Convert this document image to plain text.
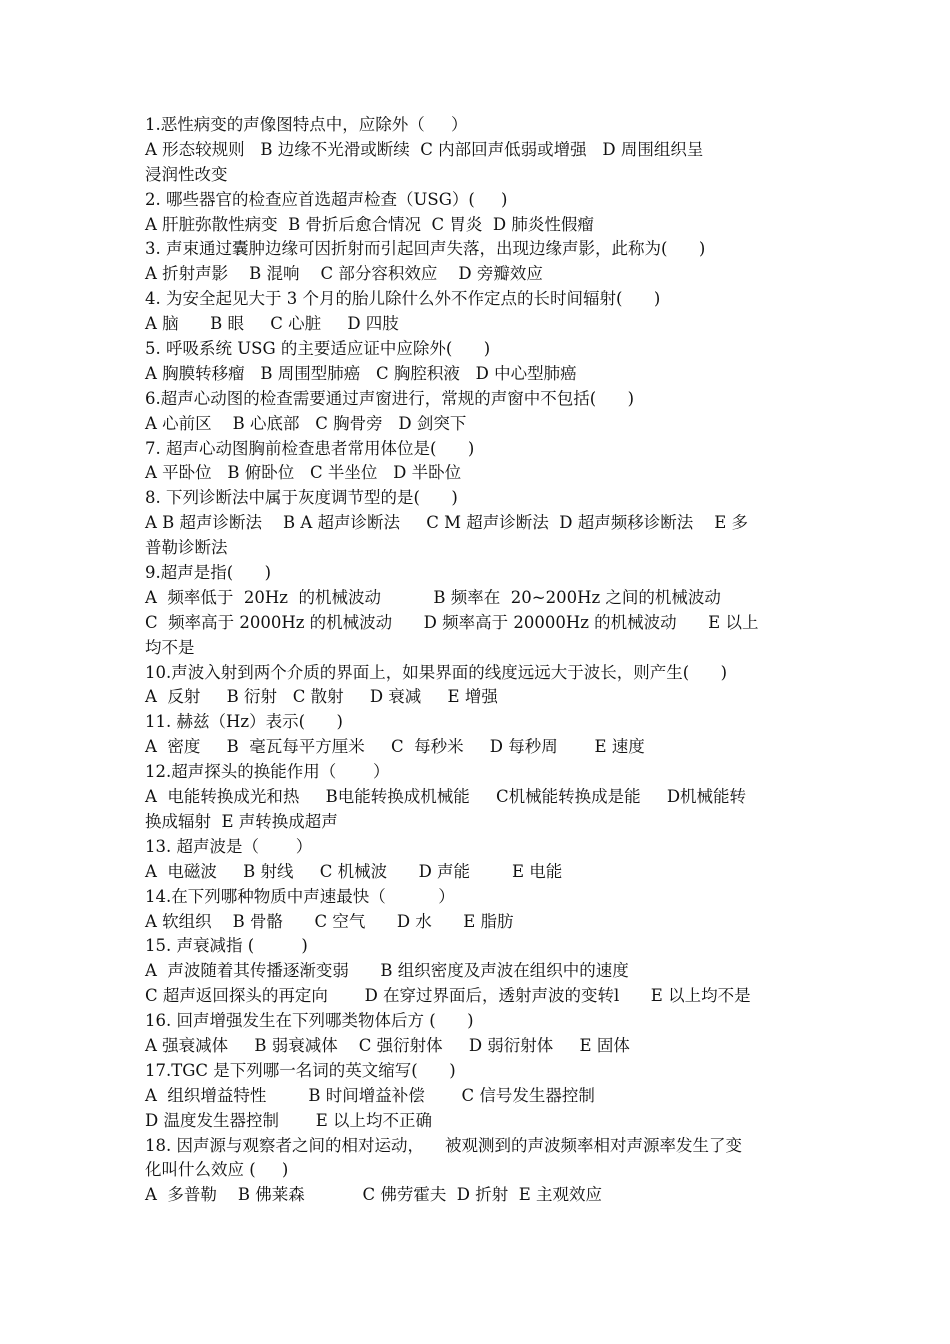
1.恶性病变的声像图特点中，应除外（     ）
A 形态较规则   B 边缘不光滑或断续  C 内部回声低弱或增强   D 周围组织呈
浸润性改变
2. 哪些器官的检查应首选超声检查（USG）(     )
A 肝脏弥散性病变  B 骨折后愈合情况  C 胃炎  D 肺炎性假瘤
3. 声束通过囊肿边缘可因折射而引起回声失落，出现边缘声影，此称为(      )
A 折射声影    B 混响    C 部分容积效应    D 旁瓣效应
4. 为安全起见大于 3 个月的胎儿除什么外不作定点的长时间辐射(      )
A 脑      B 眼     C 心脏     D 四肢
5. 呼吸系统 USG 的主要适应证中应除外(      )
A 胸膜转移瘤   B 周围型肺癌   C 胸腔积液   D 中心型肺癌
6.超声心动图的检查需要通过声窗进行，常规的声窗中不包括(      )
A 心前区    B 心底部   C 胸骨旁   D 剑突下
7. 超声心动图胸前检查患者常用体位是(      )
A 平卧位   B 俯卧位   C 半坐位   D 半卧位
8. 下列诊断法中属于灰度调节型的是(      )
A B 超声诊断法    B A 超声诊断法     C M 超声诊断法  D 超声频移诊断法    E 多
普勒诊断法
9.超声是指(      )
A  频率低于  20Hz  的机械波动          B 频率在  20~200Hz 之间的机械波动
C  频率高于 2000Hz 的机械波动      D 频率高于 20000Hz 的机械波动      E 以上
均不是
10.声波入射到两个介质的界面上，如果界面的线度远远大于波长，则产生(      )
A  反射     B 衍射   C 散射     D 衰减     E 增强
11. 赫兹（Hz）表示(      )
A  密度     B  毫瓦每平方厘米     C  每秒米     D 每秒周       E 速度
12.超声探头的换能作用（       ）
A  电能转换成光和热     B电能转换成机械能     C机械能转换成是能     D机械能转
换成辐射  E 声转换成超声
13. 超声波是（       ）
A  电磁波     B 射线     C 机械波      D 声能        E 电能
14.在下列哪种物质中声速最快（          ）
A 软组织    B 骨骼      C 空气      D 水      E 脂肪
15. 声衰减指 (         )
A  声波随着其传播逐渐变弱      B 组织密度及声波在组织中的速度
C 超声返回探头的再定向       D 在穿过界面后，透射声波的变转l      E 以上均不是
16. 回声增强发生在下列哪类物体后方 (      )
A 强衰减体     B 弱衰减体    C 强衍射体     D 弱衍射体     E 固体
17.TGC 是下列哪一名词的英文缩写(      )
A  组织增益特性        B 时间增益补偿       C 信号发生器控制
D 温度发生器控制       E 以上均不正确
18. 因声源与观察者之间的相对运动，    被观测到的声波频率相对声源率发生了变
化叫什么效应 (     )
A  多普勒    B 佛莱森           C 佛劳霍夫  D 折射  E 主观效应
